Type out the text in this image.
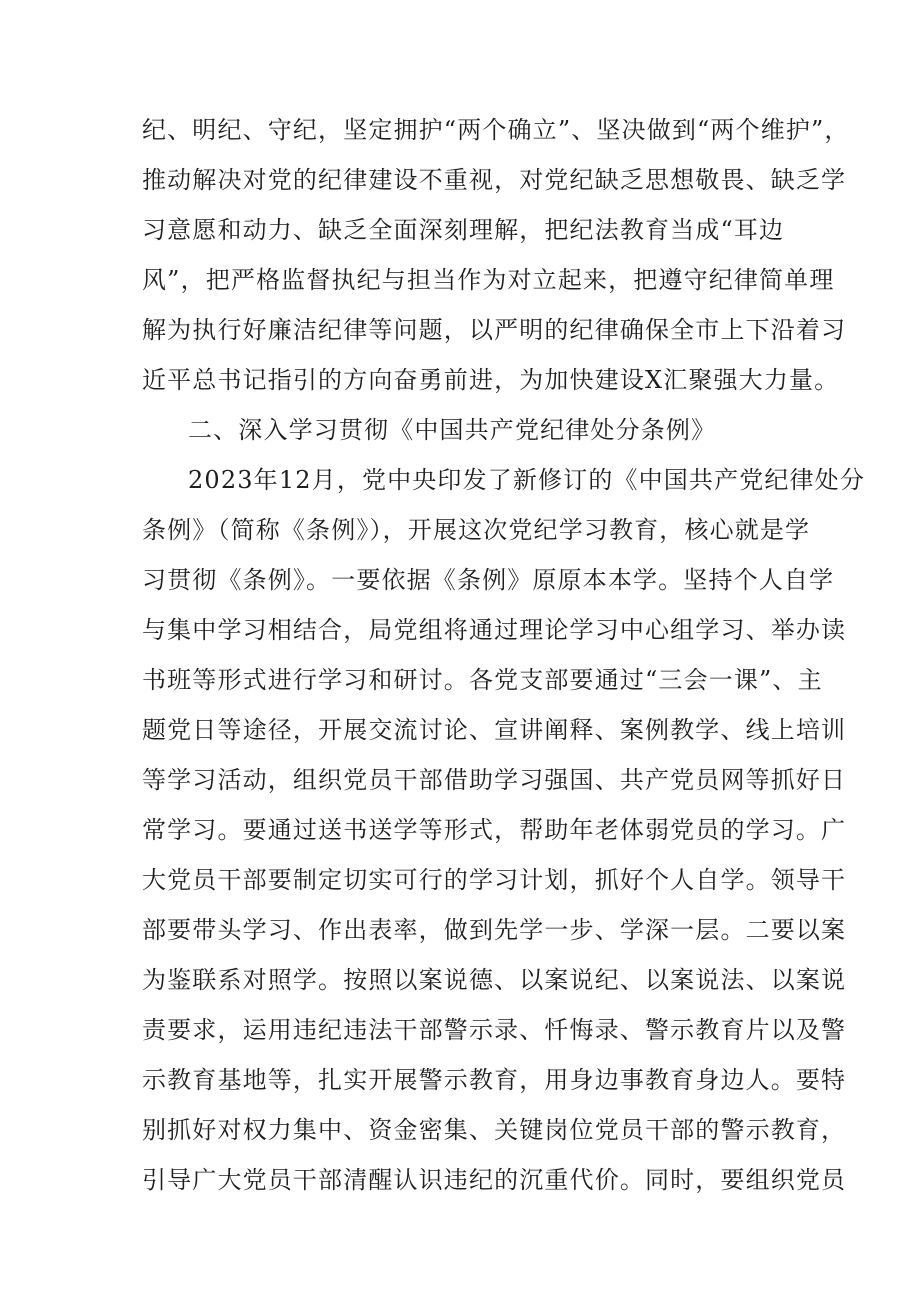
纪、明纪、守纪，坚定拥护“两个确立”、坚决做到“两个维护”，
推动解决对党的纪律建设不重视，对党纪缺乏思想敬畏、缺乏学
习意愿和动力、缺乏全面深刻理解，把纪法教育当成“耳边
风”，把严格监督执纪与担当作为对立起来，把遵守纪律简单理
解为执行好廉洁纪律等问题，以严明的纪律确保全市上下沿着习
近平总书记指引的方向奋勇前进，为加快建设X汇聚强大力量。
二、深入学习贯彻《中国共产党纪律处分条例》
2023年12月，党中央印发了新修订的《中国共产党纪律处分
条例》（简称《条例》），开展这次党纪学习教育，核心就是学
习贯彻《条例》。一要依据《条例》原原本本学。坚持个人自学
与集中学习相结合，局党组将通过理论学习中心组学习、举办读
书班等形式进行学习和研讨。各党支部要通过“三会一课”、主
题党日等途径，开展交流讨论、宣讲阐释、案例教学、线上培训
等学习活动，组织党员干部借助学习强国、共产党员网等抓好日
常学习。要通过送书送学等形式，帮助年老体弱党员的学习。广
大党员干部要制定切实可行的学习计划，抓好个人自学。领导干
部要带头学习、作出表率，做到先学一步、学深一层。二要以案
为鉴联系对照学。按照以案说德、以案说纪、以案说法、以案说
责要求，运用违纪违法干部警示录、忏悔录、警示教育片以及警
示教育基地等，扎实开展警示教育，用身边事教育身边人。要特
别抓好对权力集中、资金密集、关键岗位党员干部的警示教育，
引导广大党员干部清醒认识违纪的沉重代价。同时，要组织党员
